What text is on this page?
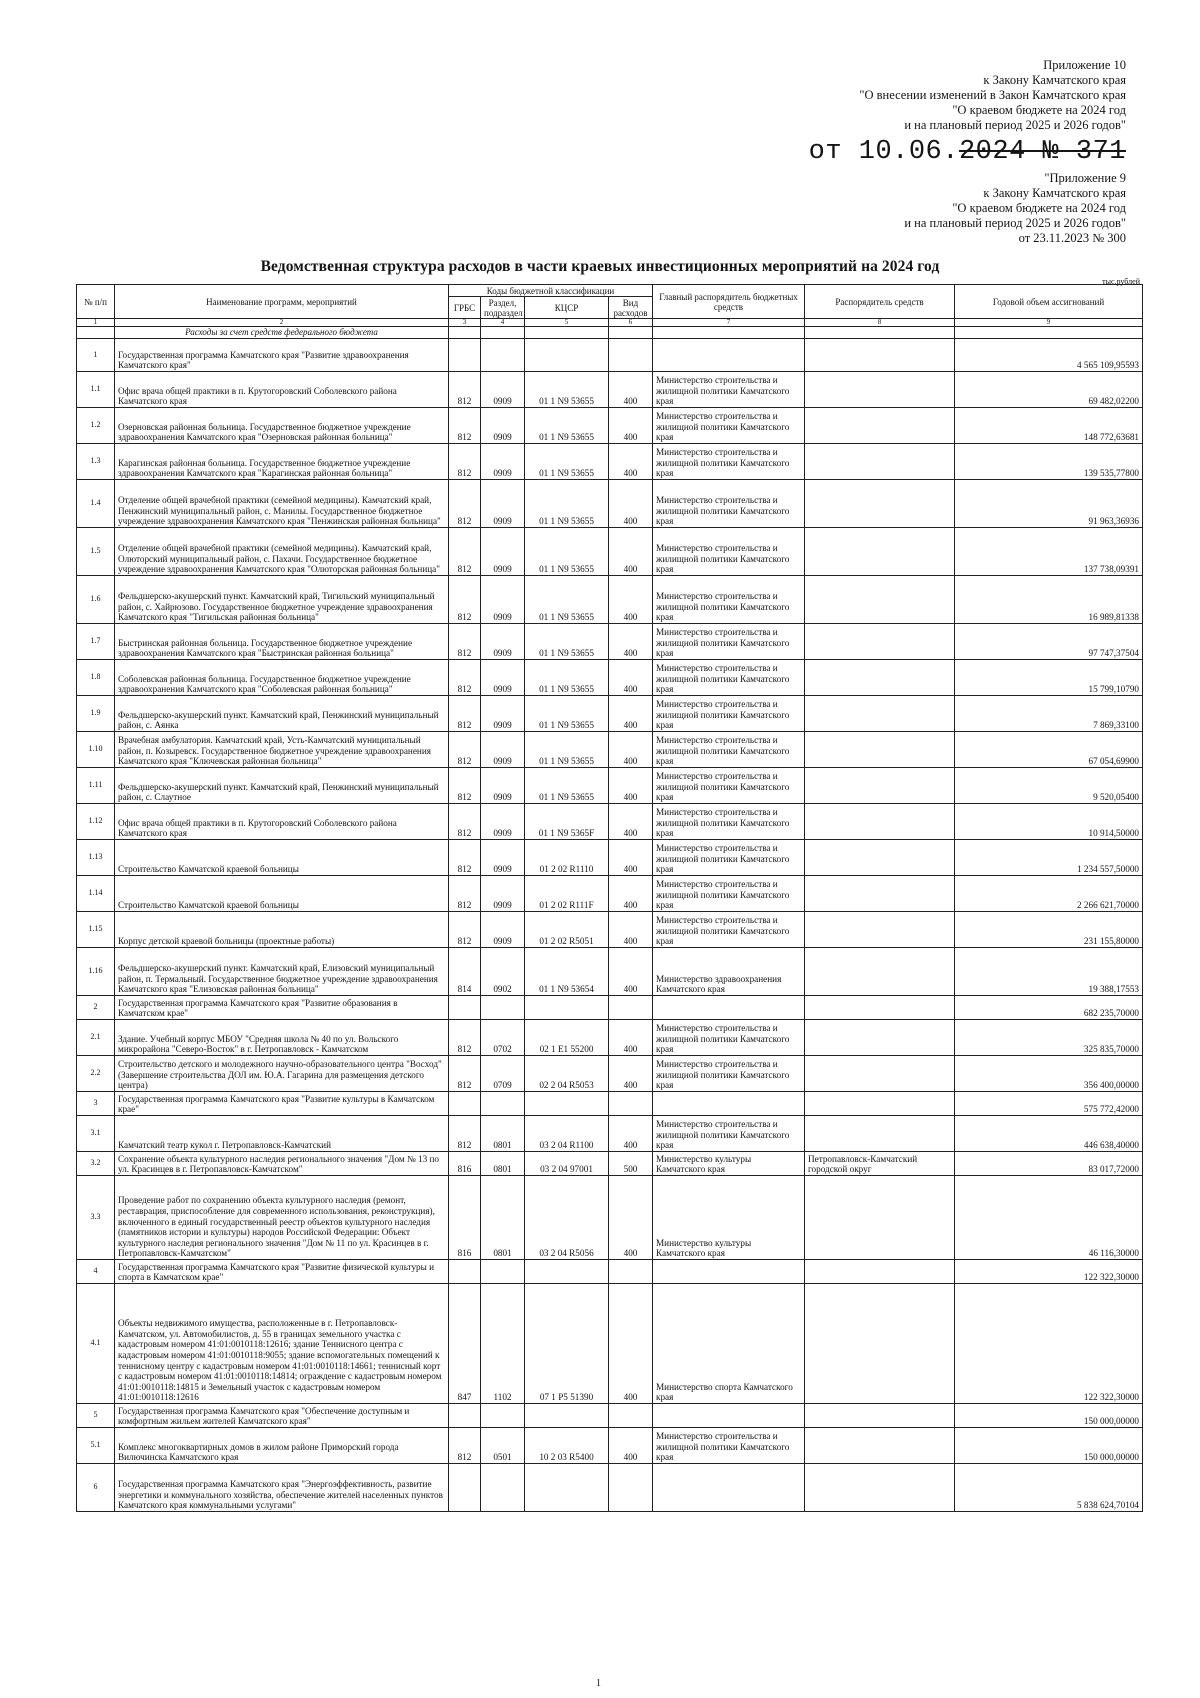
Приложение 10
к Закону Камчатского края
"О внесении изменений в Закон Камчатского края
"О краевом бюджете на 2024 год
и на плановый период 2025 и 2026 годов"
от 10.06.2024 № 371
"Приложение 9
к Закону Камчатского края
"О краевом бюджете на 2024 год
и на плановый период 2025 и 2026 годов"
от 23.11.2023 № 300
Ведомственная структура расходов в части краевых инвестиционных мероприятий на 2024 год
тыс.рублей
№ п/п	Наименование программ, мероприятий	Коды бюджетной классификации				Главный распорядитель бюджетных средств	Распорядитель средств	Годовой объем ассигнований
		ГРБС	Раздел, подраздел	КЦСР	Вид расходов			
1	2	3	4	5	6	7	8	9
	Расходы за счет средств федерального бюджета							
1	Государственная программа Камчатского края "Развитие здравоохранения Камчатского края"							4 565 109,95593
1.1	Офис врача общей практики в п. Крутогоровский Соболевского района Камчатского края	812	0909	01 1 N9 53655	400	Министерство строительства и жилищной политики Камчатского края		69 482,02200
1.2	Озерновская районная больница. Государственное бюджетное учреждение здравоохранения Камчатского края "Озерновская районная больница"	812	0909	01 1 N9 53655	400	Министерство строительства и жилищной политики Камчатского края		148 772,63681
1.3	Карагинская районная больница. Государственное бюджетное учреждение здравоохранения Камчатского края "Карагинская районная больница"	812	0909	01 1 N9 53655	400	Министерство строительства и жилищной политики Камчатского края		139 535,77800
1.4	Отделение общей врачебной практики (семейной медицины). Камчатский край, Пенжинский муниципальный район, с. Манилы. Государственное бюджетное учреждение здравоохранения Камчатского края "Пенжинская районная больница"	812	0909	01 1 N9 53655	400	Министерство строительства и жилищной политики Камчатского края		91 963,36936
1.5	Отделение общей врачебной практики (семейной медицины). Камчатский край, Олюторский муниципальный район, с. Пахачи. Государственное бюджетное учреждение здравоохранения Камчатского края "Олюторская районная больница"	812	0909	01 1 N9 53655	400	Министерство строительства и жилищной политики Камчатского края		137 738,09391
1.6	Фельдшерско-акушерский пункт. Камчатский край, Тигильский муниципальный район, с. Хайрюзово. Государственное бюджетное учреждение здравоохранения Камчатского края "Тигильская районная больница"	812	0909	01 1 N9 53655	400	Министерство строительства и жилищной политики Камчатского края		16 989,81338
1.7	Быстринская районная больница. Государственное бюджетное учреждение здравоохранения Камчатского края "Быстринская районная больница"	812	0909	01 1 N9 53655	400	Министерство строительства и жилищной политики Камчатского края		97 747,37504
1.8	Соболевская районная больница. Государственное бюджетное учреждение здравоохранения Камчатского края "Соболевская районная больница"	812	0909	01 1 N9 53655	400	Министерство строительства и жилищной политики Камчатского края		15 799,10790
1.9	Фельдшерско-акушерский пункт. Камчатский край, Пенжинский муниципальный район, с. Аянка	812	0909	01 1 N9 53655	400	Министерство строительства и жилищной политики Камчатского края		7 869,33100
1.10	Врачебная амбулатория. Камчатский край, Усть-Камчатский муниципальный район, п. Козыревск. Государственное бюджетное учреждение здравоохранения Камчатского края "Ключевская районная больница"	812	0909	01 1 N9 53655	400	Министерство строительства и жилищной политики Камчатского края		67 054,69900
1.11	Фельдшерско-акушерский пункт. Камчатский край, Пенжинский муниципальный район, с. Слаутное	812	0909	01 1 N9 53655	400	Министерство строительства и жилищной политики Камчатского края		9 520,05400
1.12	Офис врача общей практики в п. Крутогоровский Соболевского района Камчатского края	812	0909	01 1 N9 5365F	400	Министерство строительства и жилищной политики Камчатского края		10 914,50000
1.13	Строительство Камчатской краевой больницы	812	0909	01 2 02 R1110	400	Министерство строительства и жилищной политики Камчатского края		1 234 557,50000
1.14	Строительство Камчатской краевой больницы	812	0909	01 2 02 R111F	400	Министерство строительства и жилищной политики Камчатского края		2 266 621,70000
1.15	Корпус детской краевой больницы (проектные работы)	812	0909	01 2 02 R5051	400	Министерство строительства и жилищной политики Камчатского края		231 155,80000
1.16	Фельдшерско-акушерский пункт. Камчатский край, Елизовский муниципальный район, п. Термальный. Государственное бюджетное учреждение здравоохранения Камчатского края "Елизовская районная больница"	814	0902	01 1 N9 53654	400	Министерство здравоохранения Камчатского края		19 388,17553
2	Государственная программа Камчатского края "Развитие образования в Камчатском крае"							682 235,70000
2.1	Здание. Учебный корпус МБОУ "Средняя школа № 40 по ул. Вольского микрорайона "Северо-Восток" в г. Петропавловск - Камчатском	812	0702	02 1 E1 55200	400	Министерство строительства и жилищной политики Камчатского края		325 835,70000
2.2	Строительство детского и молодежного научно-образовательного центра "Восход" (Завершение строительства ДОЛ им. Ю.А. Гагарина для размещения детского центра)	812	0709	02 2 04 R5053	400	Министерство строительства и жилищной политики Камчатского края		356 400,00000
3	Государственная программа Камчатского края "Развитие культуры в Камчатском крае"							575 772,42000
3.1	Камчатский театр кукол г. Петропавловск-Камчатский	812	0801	03 2 04 R1100	400	Министерство строительства и жилищной политики Камчатского края		446 638,40000
3.2	Сохранение объекта культурного наследия регионального значения "Дом № 13 по ул. Красинцев в г. Петропавловск-Камчатском"	816	0801	03 2 04 97001	500	Министерство культуры Камчатского края	Петропавловск-Камчатский городской округ	83 017,72000
3.3	Проведение работ по сохранению объекта культурного наследия (ремонт, реставрация, приспособление для современного использования, реконструкция), включенного в единый государственный реестр объектов культурного наследия (памятников истории и культуры) народов Российской Федерации: Объект культурного наследия регионального значения "Дом № 11 по ул. Красинцев в г. Петропавловск-Камчатском"	816	0801	03 2 04 R5056	400	Министерство культуры Камчатского края		46 116,30000
4	Государственная программа Камчатского края "Развитие физической культуры и спорта в Камчатском крае"							122 322,30000
4.1	Объекты недвижимого имущества, расположенные в г. Петропавловск-Камчатском, ул. Автомобилистов, д. 55 в границах земельного участка с кадастровым номером 41:01:0010118:12616; здание Теннисного центра с кадастровым номером 41:01:0010118:9055; здание вспомогательных помещений к теннисному центру с кадастровым номером 41:01:0010118:14661; теннисный корт с кадастровым номером 41:01:0010118:14814; ограждение с кадастровым номером 41:01:0010118:14815 и Земельный участок с кадастровым номером 41:01:0010118:12616	847	1102	07 1 P5 51390	400	Министерство спорта Камчатского края		122 322,30000
5	Государственная программа Камчатского края "Обеспечение доступным и комфортным жильем жителей Камчатского края"							150 000,00000
5.1	Комплекс многоквартирных домов в жилом районе Приморский города Вилючинска Камчатского края	812	0501	10 2 03 R5400	400	Министерство строительства и жилищной политики Камчатского края		150 000,00000
6	Государственная программа Камчатского края "Энергоэффективность, развитие энергетики и коммунального хозяйства, обеспечение жителей населенных пунктов Камчатского края коммунальными услугами"							5 838 624,70104
1
